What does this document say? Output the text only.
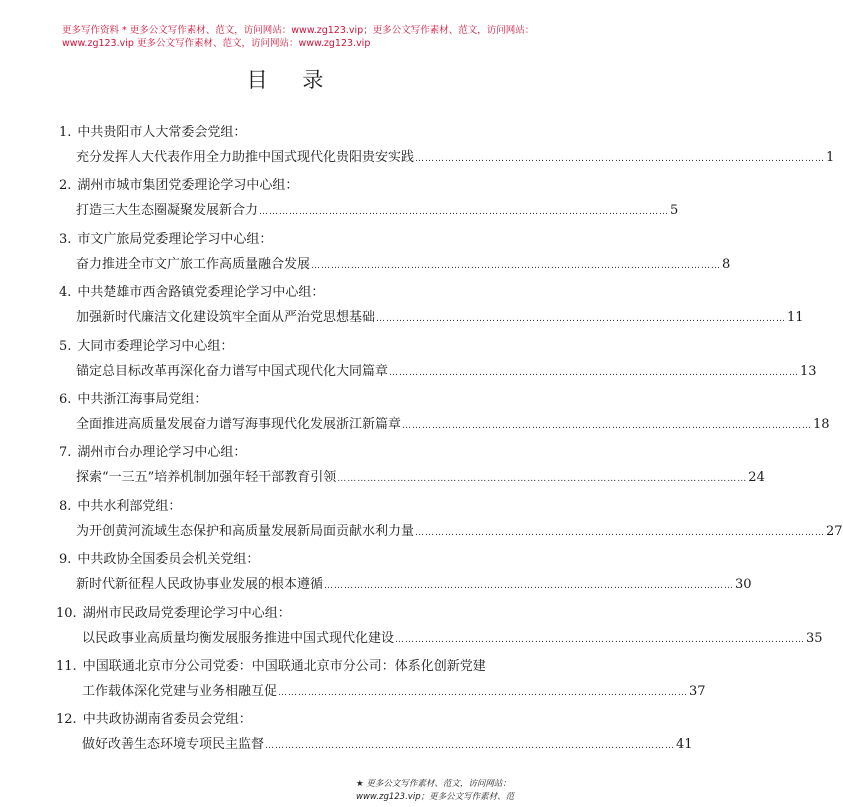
更多写作资料 * 更多公文写作素材、范文，访问网站：www.zg123.vip；更多公文写作素材、范文，访问网站：
www.zg123.vip 更多公文写作素材、范文，访问网站：www.zg123.vip
目 录
1. 中共贵阳市人大常委会党组：
充分发挥人大代表作用全力助推中国式现代化贵阳贵安实践 …………………………………………………………………………………………………………… 1
2. 湖州市城市集团党委理论学习中心组：
打造三大生态圈凝聚发展新合力 …………………………………………………………………………………………………………… 5
3. 市文广旅局党委理论学习中心组：
奋力推进全市文广旅工作高质量融合发展 …………………………………………………………………………………………………………… 8
4. 中共楚雄市西舍路镇党委理论学习中心组：
加强新时代廉洁文化建设筑牢全面从严治党思想基础 …………………………………………………………………………………………………………… 11
5. 大同市委理论学习中心组：
锚定总目标改革再深化奋力谱写中国式现代化大同篇章 …………………………………………………………………………………………………………… 13
6. 中共浙江海事局党组：
全面推进高质量发展奋力谱写海事现代化发展浙江新篇章 …………………………………………………………………………………………………………… 18
7. 湖州市台办理论学习中心组：
探索“一三五”培养机制加强年轻干部教育引领 …………………………………………………………………………………………………………… 24
8. 中共水利部党组：
为开创黄河流域生态保护和高质量发展新局面贡献水利力量 …………………………………………………………………………………………………………… 27
9. 中共政协全国委员会机关党组：
新时代新征程人民政协事业发展的根本遵循 …………………………………………………………………………………………………………… 30
10. 湖州市民政局党委理论学习中心组：
以民政事业高质量均衡发展服务推进中国式现代化建设 …………………………………………………………………………………………………………… 35
11. 中国联通北京市分公司党委：中国联通北京市分公司：体系化创新党建
工作载体深化党建与业务相融互促 …………………………………………………………………………………………………………… 37
12. 中共政协湖南省委员会党组：
做好改善生态环境专项民主监督 …………………………………………………………………………………………………………… 41
★ 更多公文写作素材、范文，访问网站：
www.zg123.vip；更多公文写作素材、范
